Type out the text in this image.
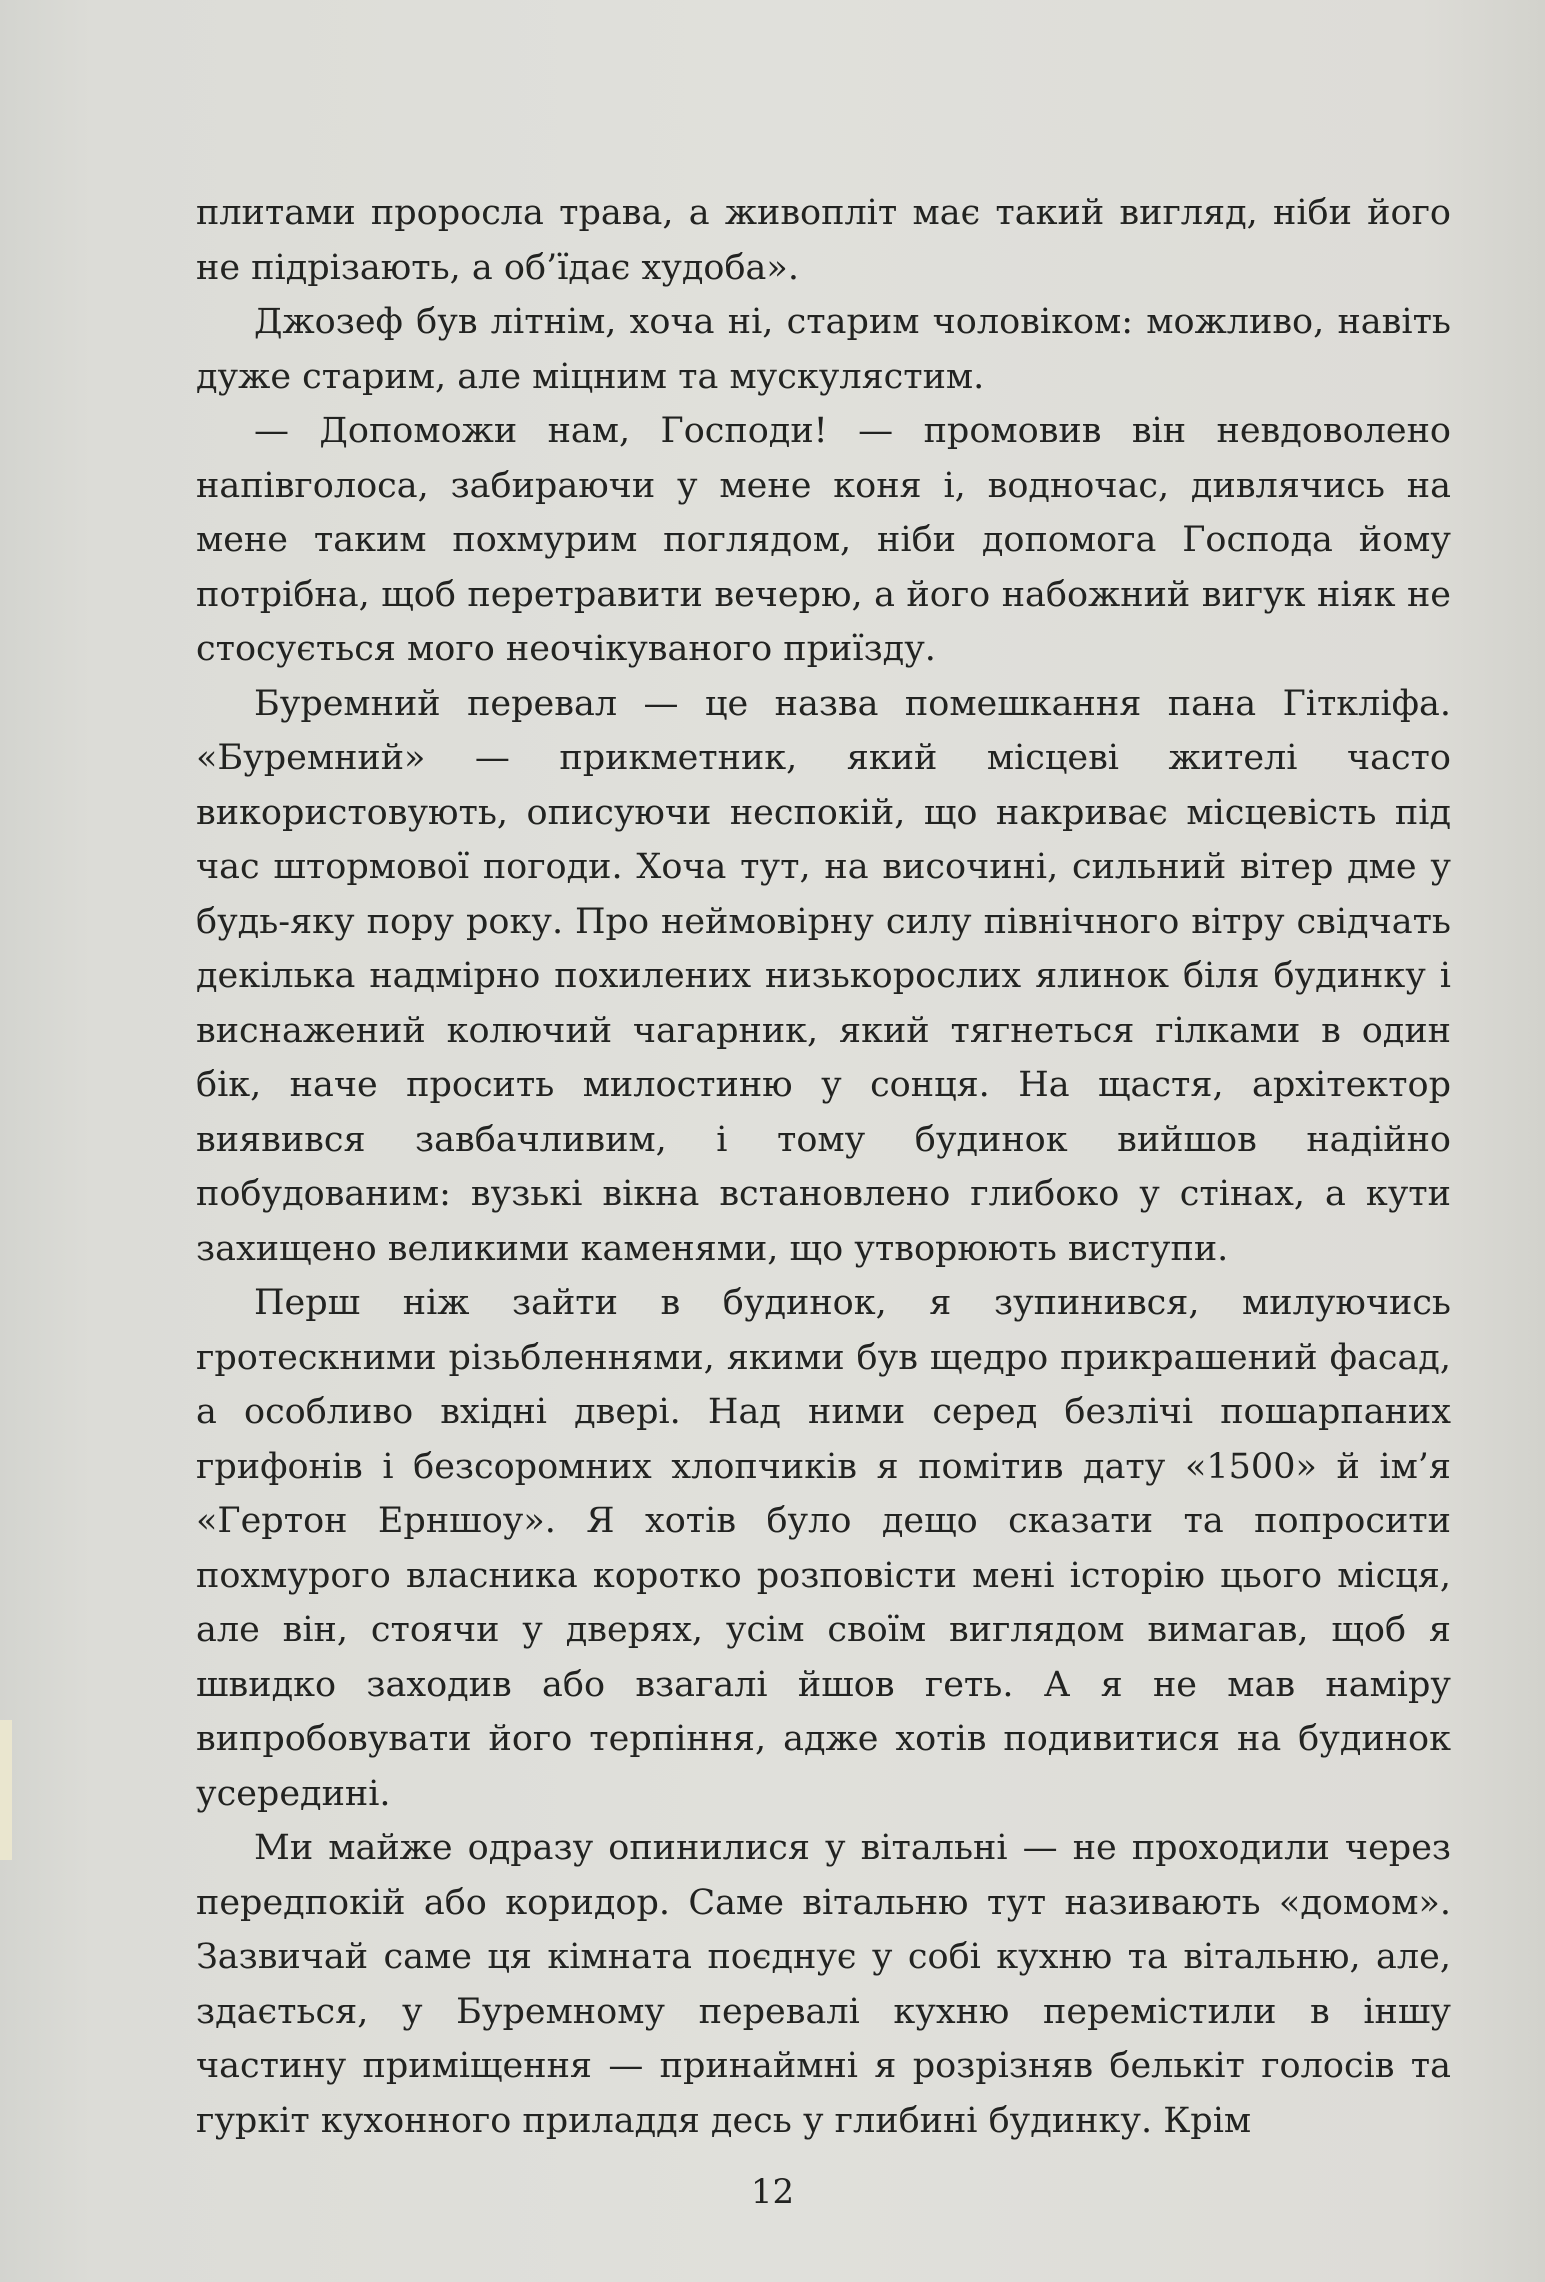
плитами проросла трава, а живопліт має такий вигляд, ніби його не підрізають, а об’їдає худоба».

Джозеф був літнім, хоча ні, старим чоловіком: можливо, навіть дуже старим, але міцним та мускулястим.

— Допоможи нам, Господи! — промовив він невдоволено напівголоса, забираючи у мене коня і, водночас, дивлячись на мене таким похмурим поглядом, ніби допомога Господа йому потрібна, щоб перетравити вечерю, а його набожний вигук ніяк не стосується мого неочікуваного приїзду.

Буремний перевал — це назва помешкання пана Гіткліфа. «Буремний» — прикметник, який місцеві жителі часто використовують, описуючи неспокій, що накриває місцевість під час штормової погоди. Хоча тут, на височині, сильний вітер дме у будь-яку пору року. Про неймовірну силу північного вітру свідчать декілька надмірно похилених низькорослих ялинок біля будинку і виснажений колючий чагарник, який тягнеться гілками в один бік, наче просить милостиню у сонця. На щастя, архітектор виявився завбачливим, і тому будинок вийшов надійно побудованим: вузькі вікна встановлено глибоко у стінах, а кути захищено великими каменями, що утворюють виступи.

Перш ніж зайти в будинок, я зупинився, милуючись гротескними різьбленнями, якими був щедро прикрашений фасад, а особливо вхідні двері. Над ними серед безлічі пошарпаних грифонів і безсоромних хлопчиків я помітив дату «1500» й ім’я «Гертон Ерншоу». Я хотів було дещо сказати та попросити похмурого власника коротко розповісти мені історію цього місця, але він, стоячи у дверях, усім своїм виглядом вимагав, щоб я швидко заходив або взагалі йшов геть. А я не мав наміру випробовувати його терпіння, адже хотів подивитися на будинок усередині.

Ми майже одразу опинилися у вітальні — не проходили через передпокій або коридор. Саме вітальню тут називають «домом». Зазвичай саме ця кімната поєднує у собі кухню та вітальню, але, здається, у Буремному перевалі кухню перемістили в іншу частину приміщення — принаймні я розрізняв белькіт голосів та гуркіт кухонного приладдя десь у глибині будинку. Крім

12
